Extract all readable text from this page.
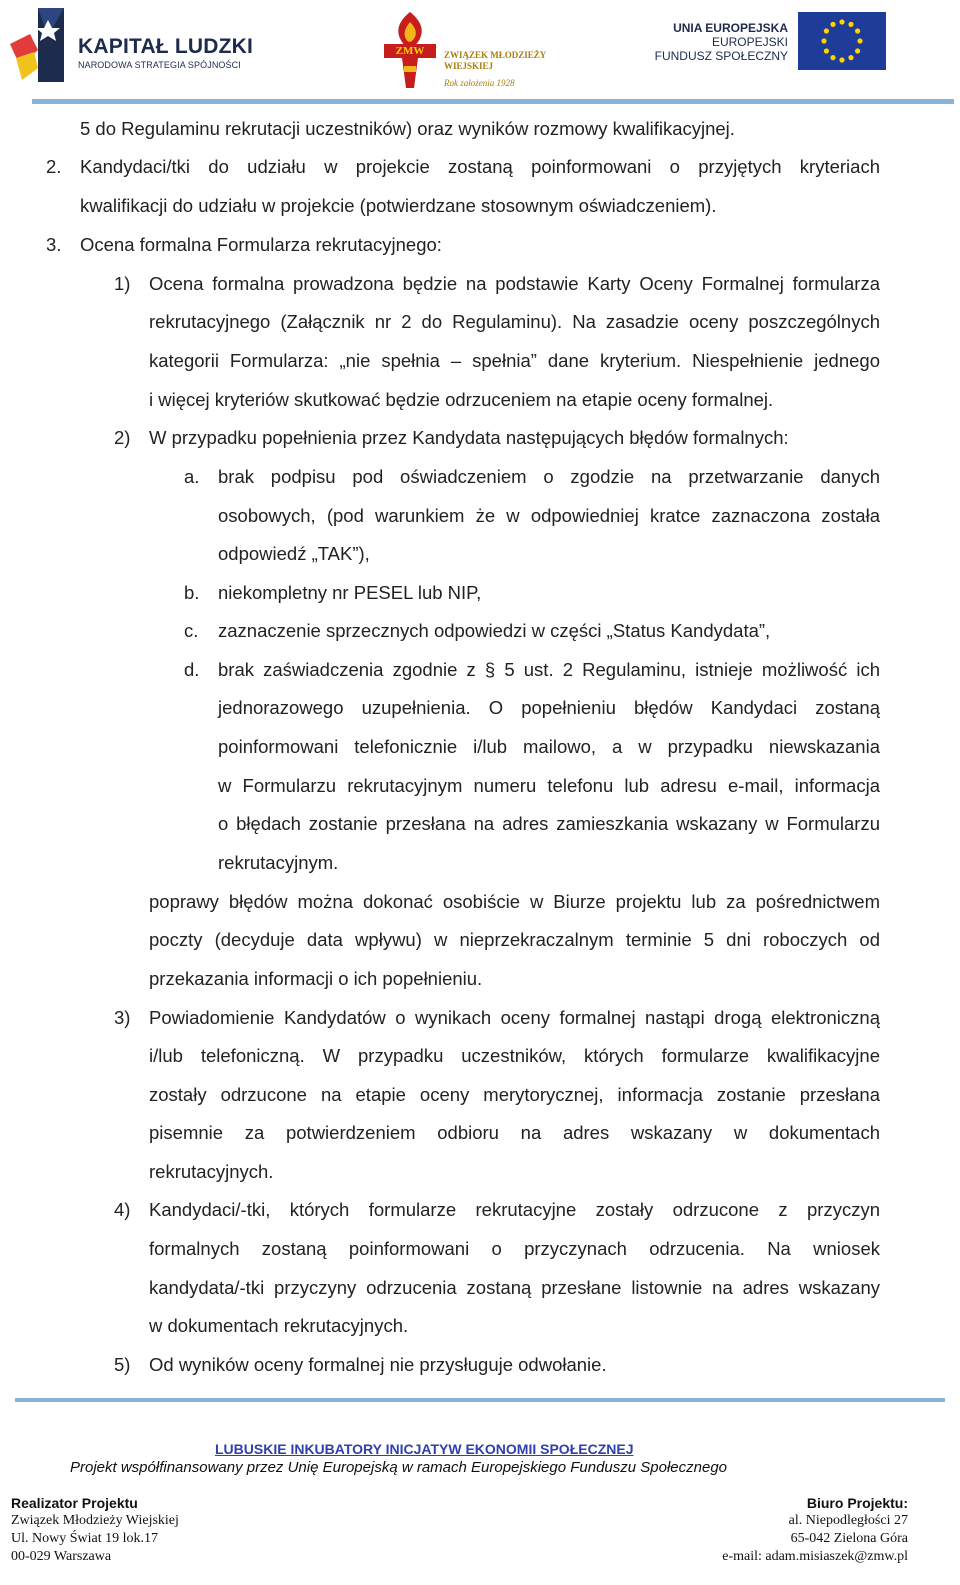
KAPITAŁ LUDZKI
NARODOWA STRATEGIA SPÓJNOŚCI
ZMW	ZWIĄZEK MŁODZIEŻY
WIEJSKIEJ
Rok założenia 1928
UNIA EUROPEJSKA
EUROPEJSKI
FUNDUSZ SPOŁECZNY
5 do Regulaminu rekrutacji uczestników) oraz wyników rozmowy kwalifikacyjnej.
2. Kandydaci/tki do udziału w projekcie zostaną poinformowani o przyjętych kryteriach
kwalifikacji do udziału w projekcie (potwierdzane stosownym oświadczeniem).
3. Ocena formalna Formularza rekrutacyjnego:
1) Ocena formalna prowadzona będzie na podstawie Karty Oceny Formalnej formularza
rekrutacyjnego (Załącznik nr 2 do Regulaminu). Na zasadzie oceny poszczególnych
kategorii Formularza: „nie spełnia – spełnia” dane kryterium. Niespełnienie jednego
i więcej kryteriów skutkować będzie odrzuceniem na etapie oceny formalnej.
2) W przypadku popełnienia przez Kandydata następujących błędów formalnych:
a. brak podpisu pod oświadczeniem o zgodzie na przetwarzanie danych
osobowych, (pod warunkiem że w odpowiedniej kratce zaznaczona została
odpowiedź „TAK”),
b. niekompletny nr PESEL lub NIP,
c. zaznaczenie sprzecznych odpowiedzi w części „Status Kandydata”,
d. brak zaświadczenia zgodnie z § 5 ust. 2 Regulaminu, istnieje możliwość ich
jednorazowego uzupełnienia. O popełnieniu błędów Kandydaci zostaną
poinformowani telefonicznie i/lub mailowo, a w przypadku niewskazania
w Formularzu rekrutacyjnym numeru telefonu lub adresu e-mail, informacja
o błędach zostanie przesłana na adres zamieszkania wskazany w Formularzu
rekrutacyjnym.
poprawy błędów można dokonać osobiście w Biurze projektu lub za pośrednictwem
poczty (decyduje data wpływu) w nieprzekraczalnym terminie 5 dni roboczych od
przekazania informacji o ich popełnieniu.
3) Powiadomienie Kandydatów o wynikach oceny formalnej nastąpi drogą elektroniczną
i/lub telefoniczną. W przypadku uczestników, których formularze kwalifikacyjne
zostały odrzucone na etapie oceny merytorycznej, informacja zostanie przesłana
pisemnie za potwierdzeniem odbioru na adres wskazany w dokumentach
rekrutacyjnych.
4) Kandydaci/-tki, których formularze rekrutacyjne zostały odrzucone z przyczyn
formalnych zostaną poinformowani o przyczynach odrzucenia. Na wniosek
kandydata/-tki przyczyny odrzucenia zostaną przesłane listownie na adres wskazany
w dokumentach rekrutacyjnych.
5) Od wyników oceny formalnej nie przysługuje odwołanie.
LUBUSKIE INKUBATORY INICJATYW EKONOMII SPOŁECZNEJ
Projekt współfinansowany przez Unię Europejską w ramach Europejskiego Funduszu Społecznego
Realizator Projektu
Związek Młodzieży Wiejskiej
Ul. Nowy Świat 19 lok.17
00-029 Warszawa
Biuro Projektu:
al. Niepodległości 27
65-042 Zielona Góra
e-mail: adam.misiaszek@zmw.pl
